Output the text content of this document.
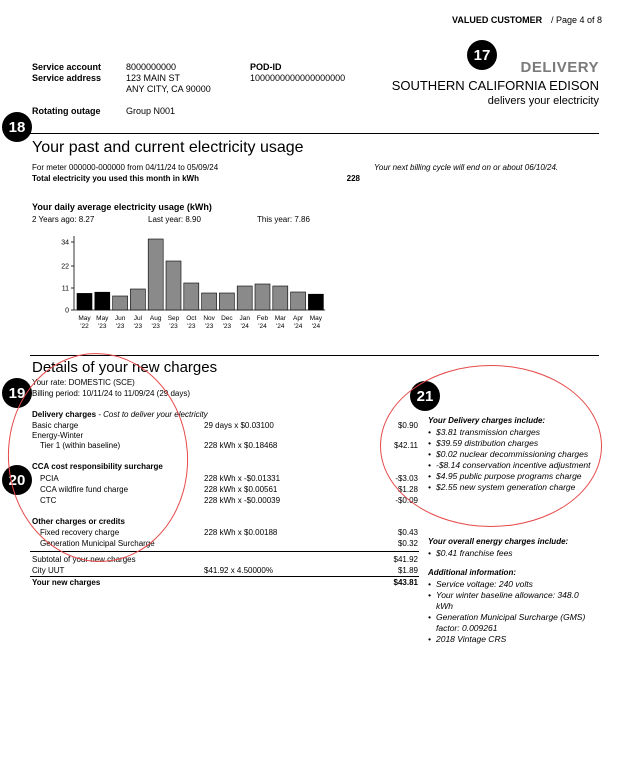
VALUED CUSTOMER / Page 4 of 8
Service account	8000000000
Service address	123 MAIN ST
ANY CITY, CA 90000
POD-ID
1000000000000000000
Rotating outage	Group N001
17
DELIVERY
SOUTHERN CALIFORNIA EDISON
delivers your electricity
18
Your past and current electricity usage
For meter 000000-000000 from 04/11/24 to 05/09/24
Total electricity you used this month in kWh	228
Your next billing cycle will end on or about 06/10/24.
Your daily average electricity usage (kWh)
2 Years ago: 8.27	Last year: 8.90	This year: 7.86
0
11
22
34
May
'22
May
'23
Jun
'23
Jul
'23
Aug
'23
Sep
'23
Oct
'23
Nov
'23
Dec
'23
Jan
'24
Feb
'24
Mar
'24
Apr
'24
May
'24
Details of your new charges
19
Your rate: DOMESTIC (SCE)
Billing period: 10/11/24 to 11/09/24 (29 days)
Delivery charges - Cost to deliver your electricity
Basic charge	29 days x $0.03100	$0.90
Energy-Winter
Tier 1 (within baseline)	228 kWh x $0.18468	$42.11
CCA cost responsibility surcharge
20	PCIA	228 kWh x -$0.01331	-$3.03
CCA wildfire fund charge	228 kWh x $0.00561	$1.28
CTC	228 kWh x -$0.00039	-$0.09
Other charges or credits
Fixed recovery charge	228 kWh x $0.00188	$0.43
Generation Municipal Surcharge	$0.32
Subtotal of your new charges	$41.92
City UUT	$41.92 x 4.50000%	$1.89
Your new charges	$43.81
21
Your Delivery charges include:
• $3.81 transmission charges
• $39.59 distribution charges
• $0.02 nuclear decommissioning charges
• -$8.14 conservation incentive adjustment
• $4.95 public purpose programs charge
• $2.55 new system generation charge
Your overall energy charges include:
• $0.41 franchise fees
Additional information:
• Service voltage: 240 volts
• Your winter baseline allowance: 348.0 kWh
• Generation Municipal Surcharge (GMS) factor: 0.009261
• 2018 Vintage CRS
